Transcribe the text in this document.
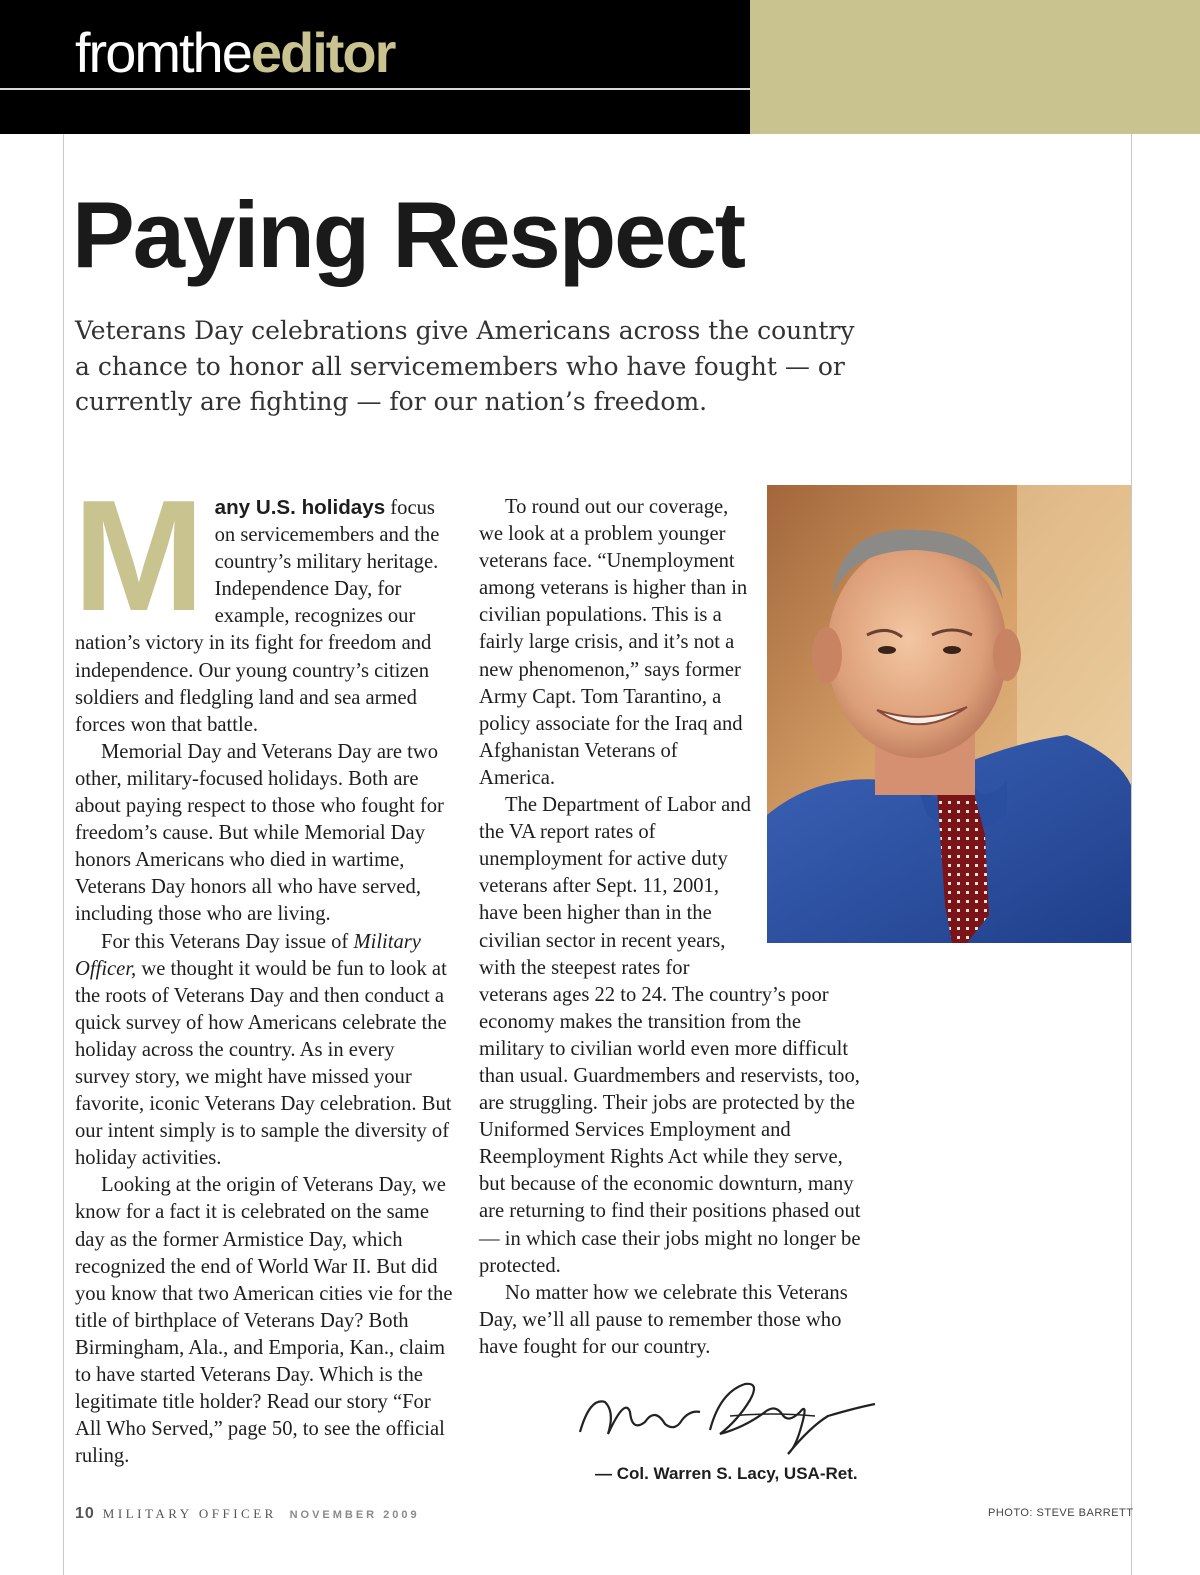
fromtheeditor
Paying Respect

Veterans Day celebrations give Americans across the country a chance to honor all servicemembers who have fought — or currently are fighting — for our nation’s freedom.

Many U.S. holidays focus on servicemembers and the country’s military heritage. Independence Day, for example, recognizes our nation’s victory in its fight for freedom and independence. Our young country’s citizen soldiers and fledgling land and sea armed forces won that battle.

Memorial Day and Veterans Day are two other, military-focused holidays. Both are about paying respect to those who fought for freedom’s cause. But while Memorial Day honors Americans who died in wartime, Veterans Day honors all who have served, including those who are living.

For this Veterans Day issue of Military Officer, we thought it would be fun to look at the roots of Veterans Day and then conduct a quick survey of how Americans celebrate the holiday across the country. As in every survey story, we might have missed your favorite, iconic Veterans Day celebration. But our intent simply is to sample the diversity of holiday activities.

Looking at the origin of Veterans Day, we know for a fact it is celebrated on the same day as the former Armistice Day, which recognized the end of World War II. But did you know that two American cities vie for the title of birthplace of Veterans Day? Both Birmingham, Ala., and Emporia, Kan., claim to have started Veterans Day. Which is the legitimate title holder? Read our story “For All Who Served,” page 50, to see the official ruling.

To round out our coverage, we look at a problem younger veterans face. “Unemployment among veterans is higher than in civilian populations. This is a fairly large crisis, and it’s not a new phenomenon,” says former Army Capt. Tom Tarantino, a policy associate for the Iraq and Afghanistan Veterans of America.

The Department of Labor and the VA report rates of unemployment for active duty veterans after Sept. 11, 2001, have been higher than in the civilian sector in recent years, with the steepest rates for veterans ages 22 to 24. The country’s poor economy makes the transition from the military to civilian world even more difficult than usual. Guardmembers and reservists, too, are struggling. Their jobs are protected by the Uniformed Services Employment and Reemployment Rights Act while they serve, but because of the economic downturn, many are returning to find their positions phased out — in which case their jobs might no longer be protected.

No matter how we celebrate this Veterans Day, we’ll all pause to remember those who have fought for our country.

— Col. Warren S. Lacy, USA-Ret.

10 MILITARY OFFICER NOVEMBER 2009	PHOTO: STEVE BARRETT
